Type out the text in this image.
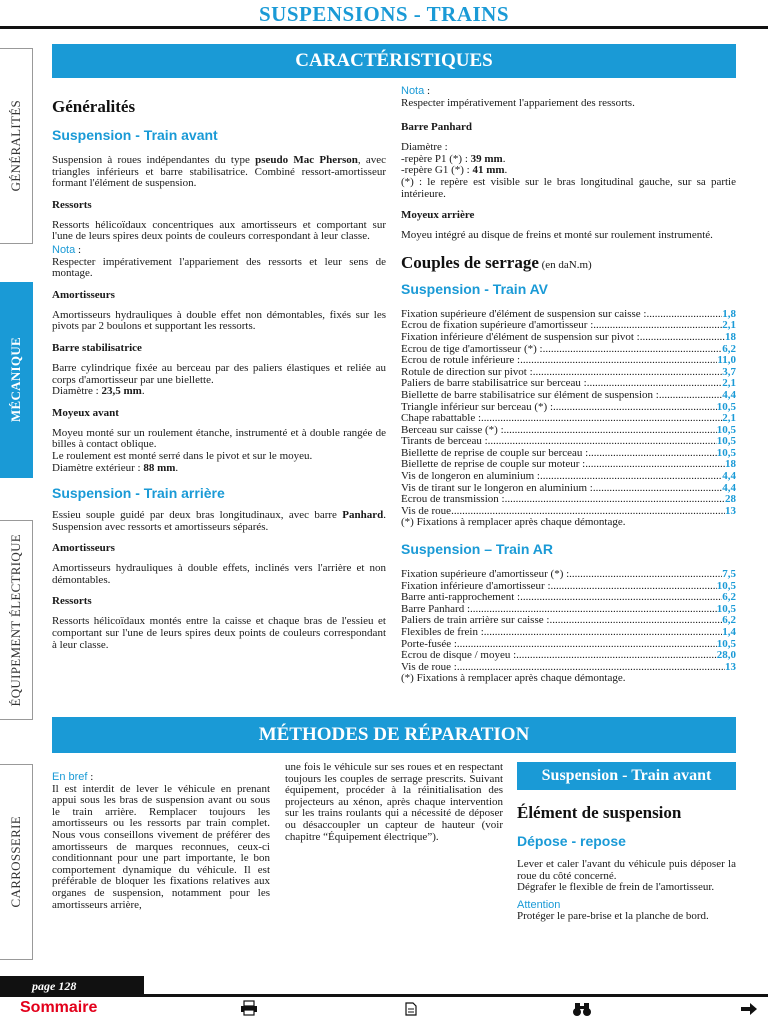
SUSPENSIONS - TRAINS
GÉNÉRALITÉS
MÉCANIQUE
ÉQUIPEMENT ÉLECTRIQUE
CARROSSERIE
CARACTÉRISTIQUES
Généralités
Suspension - Train avant

Suspension à roues indépendantes du type pseudo Mac Pherson, avec triangles inférieurs et barre stabilisatrice. Combiné ressort-amortisseur formant l'élément de suspension.

Ressorts

Ressorts hélicoïdaux concentriques aux amortisseurs et comportant sur l'une de leurs spires deux points de couleurs correspondant à leur classe.

Nota :

Respecter impérativement l'appariement des ressorts et leur sens de montage.

Amortisseurs

Amortisseurs hydrauliques à double effet non démontables, fixés sur les pivots par 2 boulons et supportant les ressorts.

Barre stabilisatrice

Barre cylindrique fixée au berceau par des paliers élastiques et reliée au corps d'amortisseur par une biellette.

Diamètre : 23,5 mm.

Moyeux avant

Moyeu monté sur un roulement étanche, instrumenté et à double rangée de billes à contact oblique.

Le roulement est monté serré dans le pivot et sur le moyeu.

Diamètre extérieur : 88 mm.

Suspension - Train arrière

Essieu souple guidé par deux bras longitudinaux, avec barre Panhard. Suspension avec ressorts et amortisseurs séparés.

Amortisseurs

Amortisseurs hydrauliques à double effets, inclinés vers l'arrière et non démontables.

Ressorts

Ressorts hélicoïdaux montés entre la caisse et chaque bras de l'essieu et comportant sur l'une de leurs spires deux points de couleurs correspondant à leur classe.

Nota :

Respecter impérativement l'appariement des ressorts.

Barre Panhard

Diamètre :

-repère P1 (*) : 39 mm.

-repère G1 (*) : 41 mm.

(*) : le repère est visible sur le bras longitudinal gauche, sur sa partie intérieure.

Moyeux arrière

Moyeu intégré au disque de freins et monté sur roulement instrumenté.

Couples de serrage (en daN.m)
Suspension - Train AV
Fixation supérieure d'élément de suspension sur caisse : .....	1,8
Écrou de fixation supérieure d'amortisseur : .....	2,1
Fixation inférieure d'élément de suspension sur pivot : .....	18
Écrou de tige d'amortisseur (*) : .....	6,2
Écrou de rotule inférieure : .....	11,0
Rotule de direction sur pivot : .....	3,7
Paliers de barre stabilisatrice sur berceau : .....	2,1
Biellette de barre stabilisatrice sur élément de suspension : .....	4,4
Triangle inférieur sur berceau (*) : .....	10,5
Chape rabattable : .....	2,1
Berceau sur caisse (*) : .....	10,5
Tirants de berceau : .....	10,5
Biellette de reprise de couple sur berceau : .....	10,5
Biellette de reprise de couple sur moteur : .....	18
Vis de longeron en aluminium : .....	4,4
Vis de tirant sur le longeron en aluminium : .....	4,4
Écrou de transmission : .....	28
Vis de roue .....	13

(*) Fixations à remplacer après chaque démontage.

Suspension – Train AR
Fixation supérieure d'amortisseur (*) : .....	7,5
Fixation inférieure d'amortisseur : .....	10,5
Barre anti-rapprochement : .....	6,2
Barre Panhard : .....	10,5
Paliers de train arrière sur caisse : .....	6,2
Flexibles de frein : .....	1,4
Porte-fusée : .....	10,5
Écrou de disque / moyeu : .....	28,0
Vis de roue : .....	13

(*) Fixations à remplacer après chaque démontage.

MÉTHODES DE RÉPARATION

En bref :

Il est interdit de lever le véhicule en prenant appui sous les bras de suspension avant ou sous le train arrière. Remplacer toujours les amortisseurs ou les ressorts par train complet. Nous vous conseillons vivement de préférer des amortisseurs de marques reconnues, ceux-ci conditionnant pour une part importante, le bon comportement dynamique du véhicule. Il est préférable de bloquer les fixations relatives aux organes de suspension, notamment pour les amortisseurs arrière,

une fois le véhicule sur ses roues et en respectant toujours les couples de serrage prescrits. Suivant équipement, procéder à la réinitialisation des projecteurs au xénon, après chaque intervention sur les trains roulants qui a nécessité de déposer ou désaccoupler un capteur de hauteur (voir chapitre “Équipement électrique”).

Suspension - Train avant
Élément de suspension
Dépose - repose

Lever et caler l'avant du véhicule puis déposer la roue du côté concerné.

Dégrafer le flexible de frein de l'amortisseur.

Attention

Protéger le pare-brise et la planche de bord.

page 128
Sommaire
